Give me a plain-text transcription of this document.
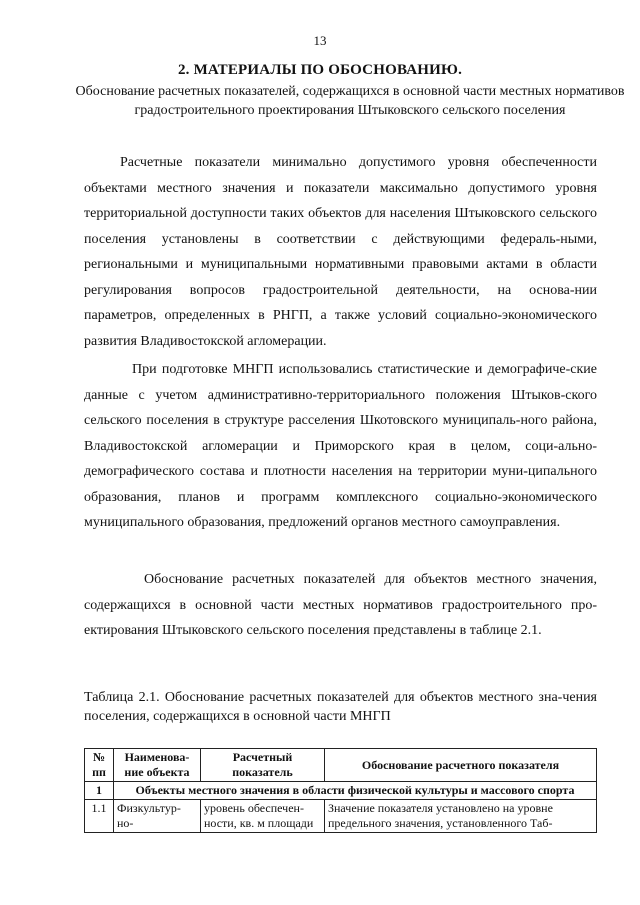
13
2. МАТЕРИАЛЫ ПО ОБОСНОВАНИЮ.
Обоснование расчетных показателей, содержащихся в основной части местных нормативов градостроительного проектирования Штыковского сельского поселения

Расчетные показатели минимально допустимого уровня обеспеченности объектами местного значения и показатели максимально допустимого уровня территориальной доступности таких объектов для населения Штыковского сельского поселения установлены в соответствии с действующими федераль-ными, региональными и муниципальными нормативными правовыми актами в области регулирования вопросов градостроительной деятельности, на основа-нии параметров, определенных в РНГП, а также условий социально-экономического развития Владивостокской агломерации.

При подготовке МНГП использовались статистические и демографиче-ские данные с учетом административно-территориального положения Штыков-ского сельского поселения в структуре расселения Шкотовского муниципаль-ного района, Владивостокской агломерации и Приморского края в целом, соци-ально-демографического состава и плотности населения на территории муни-ципального образования, планов и программ комплексного социально-экономического муниципального образования, предложений органов местного самоуправления.

Обоснование расчетных показателей для объектов местного значения, содержащихся в основной части местных нормативов градостроительного про-ектирования Штыковского сельского поселения представлены в таблице 2.1.

Таблица 2.1. Обоснование расчетных показателей для объектов местного зна-чения поселения, содержащихся в основной части МНГП

№ пп	Наименова-ние объекта	Расчетный показатель	Обоснование расчетного показателя
1	Объекты местного значения в области физической культуры и массового спорта		
1.1	Физкультур-но-	уровень обеспечен-ности, кв. м площади	Значение показателя установлено на уровне предельного значения, установленного Таб-
